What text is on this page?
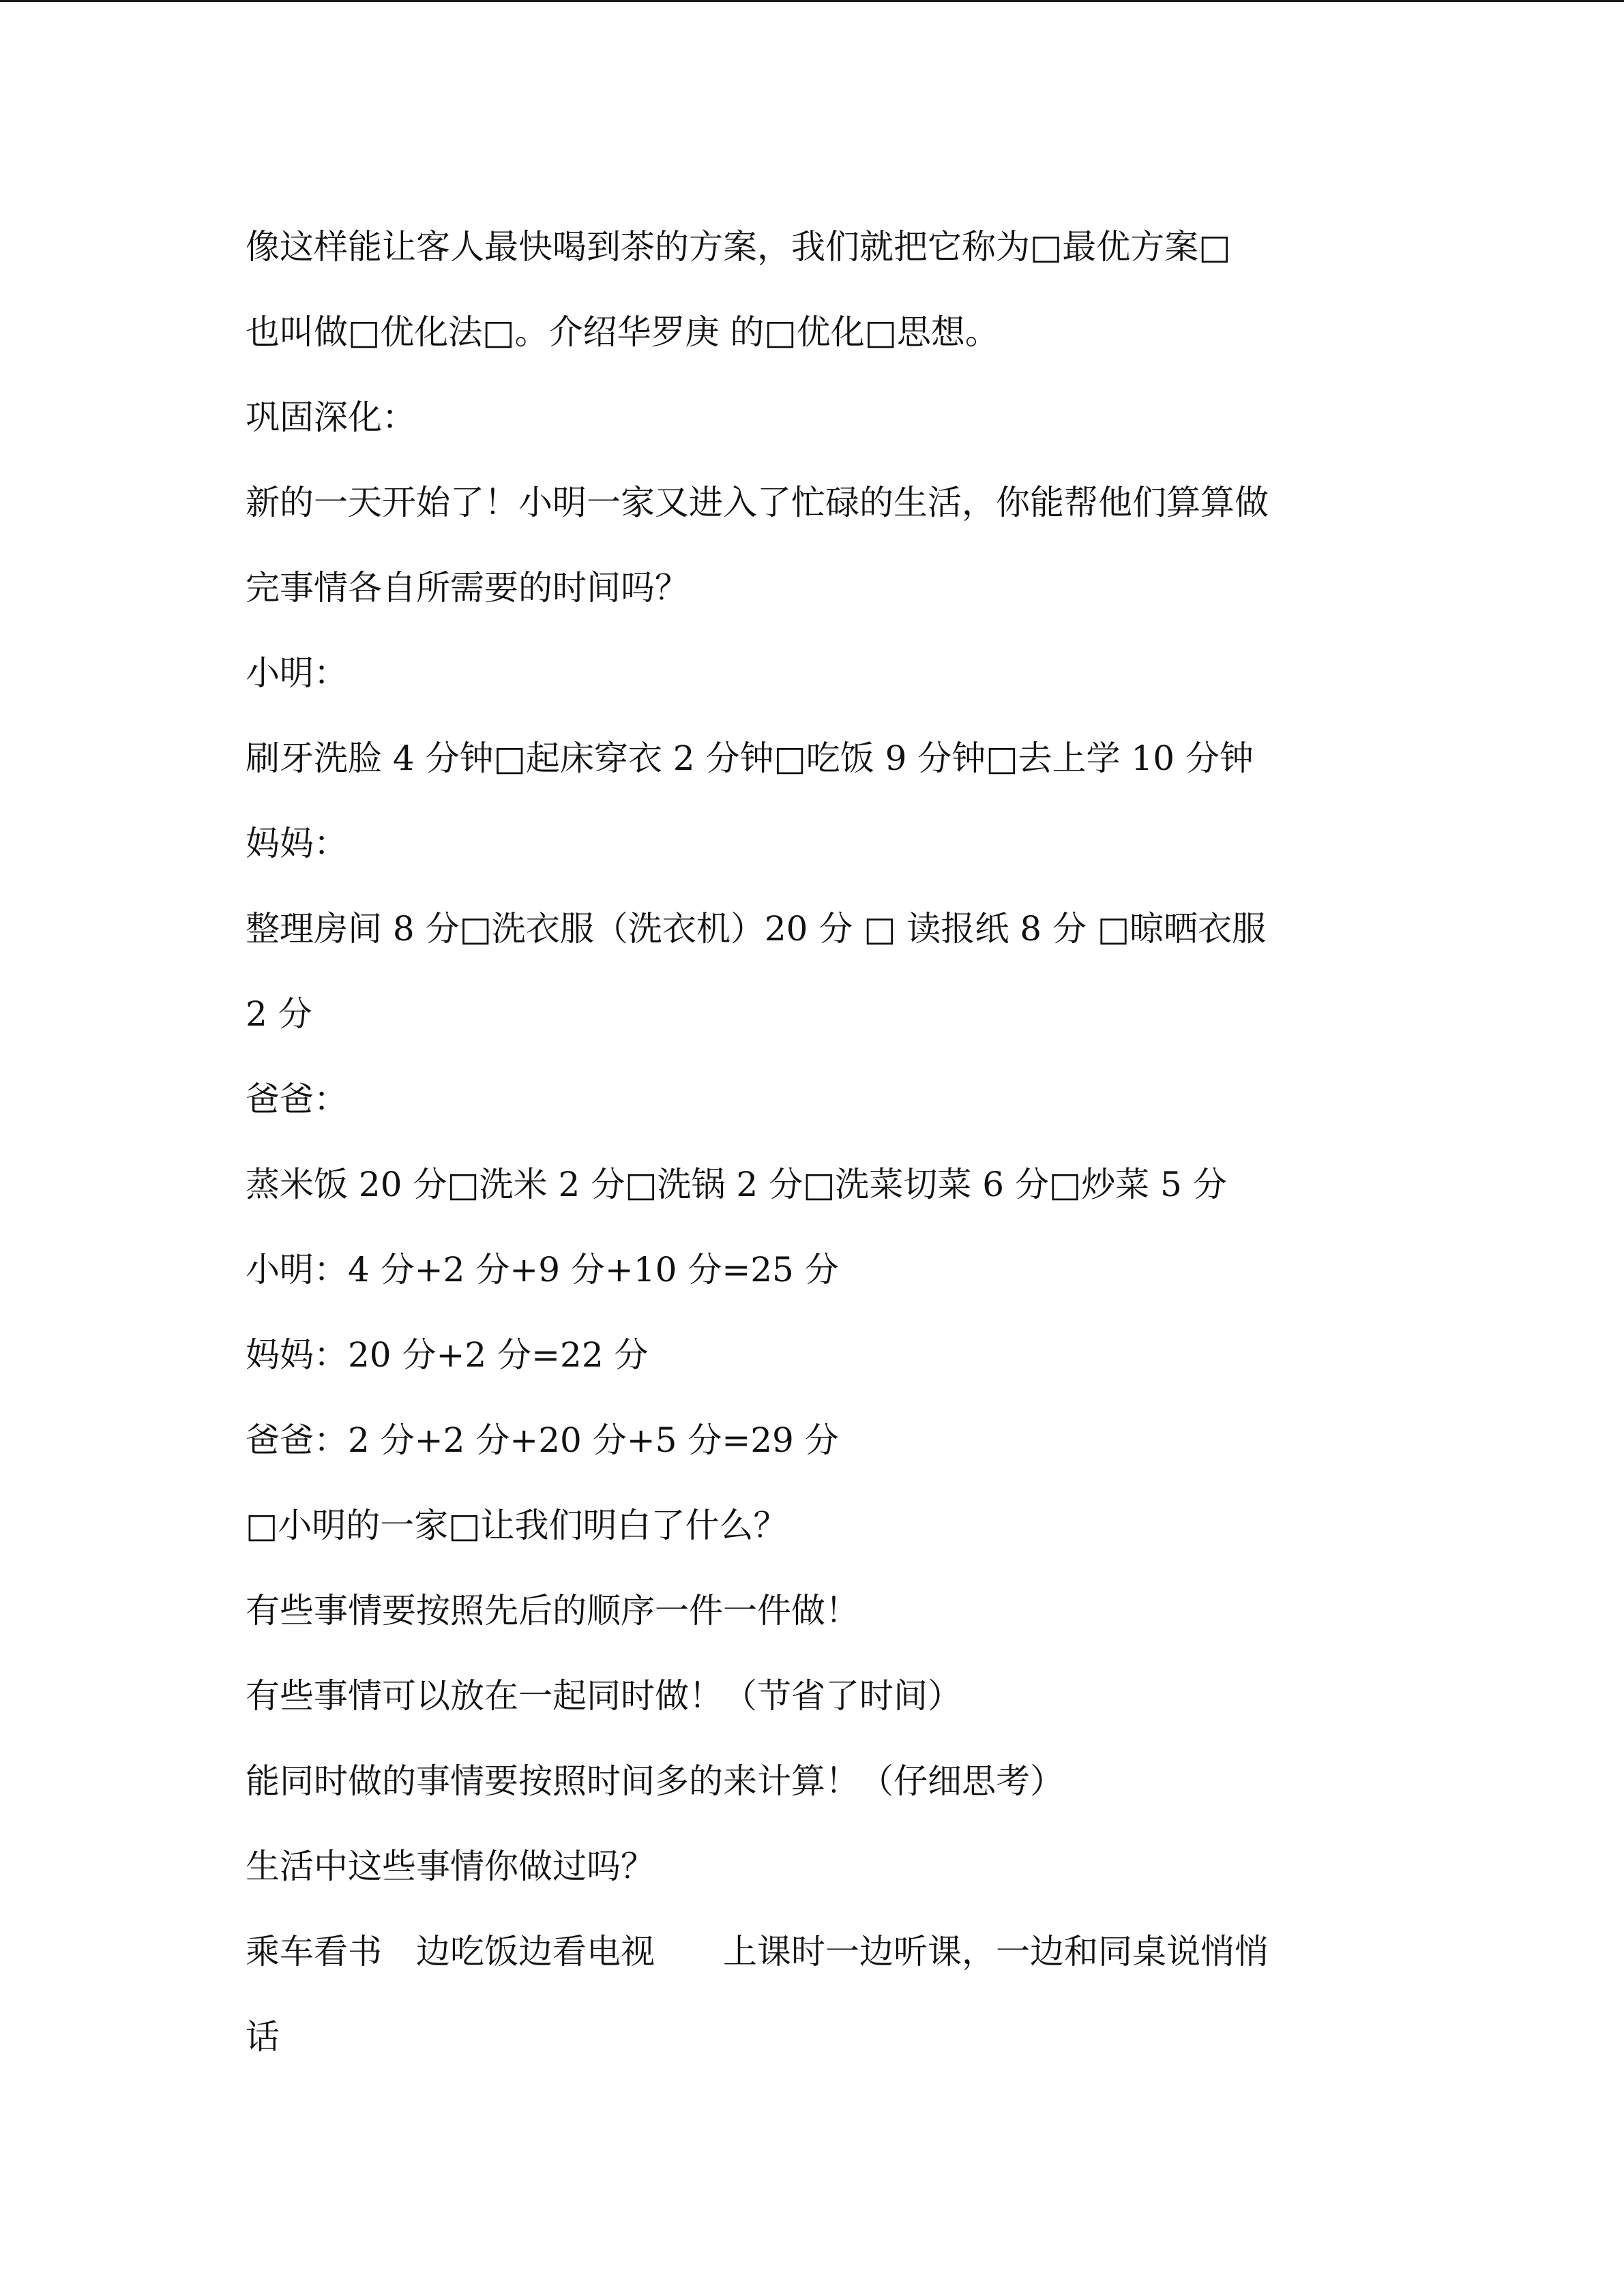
像这样能让客人最快喝到茶的方案，我们就把它称为□最优方案□
也叫做□优化法□。介绍华罗庚 的□优化□思想。
巩固深化：
新的一天开始了！小明一家又进入了忙碌的生活，你能帮他们算算做
完事情各自所需要的时间吗？
小明：
刷牙洗脸 4 分钟□起床穿衣 2 分钟□吃饭 9 分钟□去上学 10 分钟
妈妈：
整理房间 8 分□洗衣服（洗衣机）20 分 □ 读报纸 8 分 □晾晒衣服
2 分
爸爸：
蒸米饭 20 分□洗米 2 分□洗锅 2 分□洗菜切菜 6 分□炒菜 5 分
小明：4 分+2 分+9 分+10 分=25 分
妈妈：20 分+2 分=22 分
爸爸：2 分+2 分+20 分+5 分=29 分
□小明的一家□让我们明白了什么？
有些事情要按照先后的顺序一件一件做！
有些事情可以放在一起同时做！（节省了时间）
能同时做的事情要按照时间多的来计算！（仔细思考）
生活中这些事情你做过吗？
乘车看书　边吃饭边看电视　　上课时一边听课，一边和同桌说悄悄
话
